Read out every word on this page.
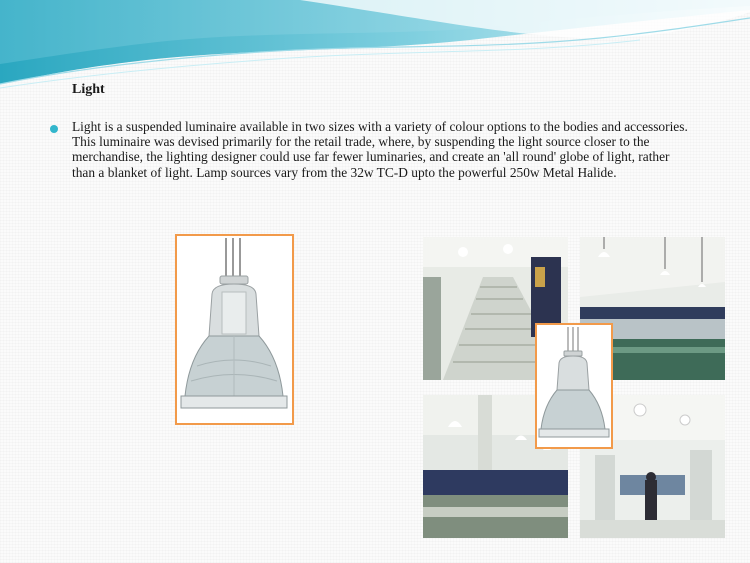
Light
Light is a suspended luminaire available in two sizes with a variety of colour options to the bodies and accessories. This luminaire was devised primarily for the retail trade, where, by suspending the light source closer to the merchandise, the lighting designer could use far fewer luminaries, and create an 'all round' globe of light, rather than a blanket of light. Lamp sources vary from the 32w TC-D upto the powerful 250w Metal Halide.
